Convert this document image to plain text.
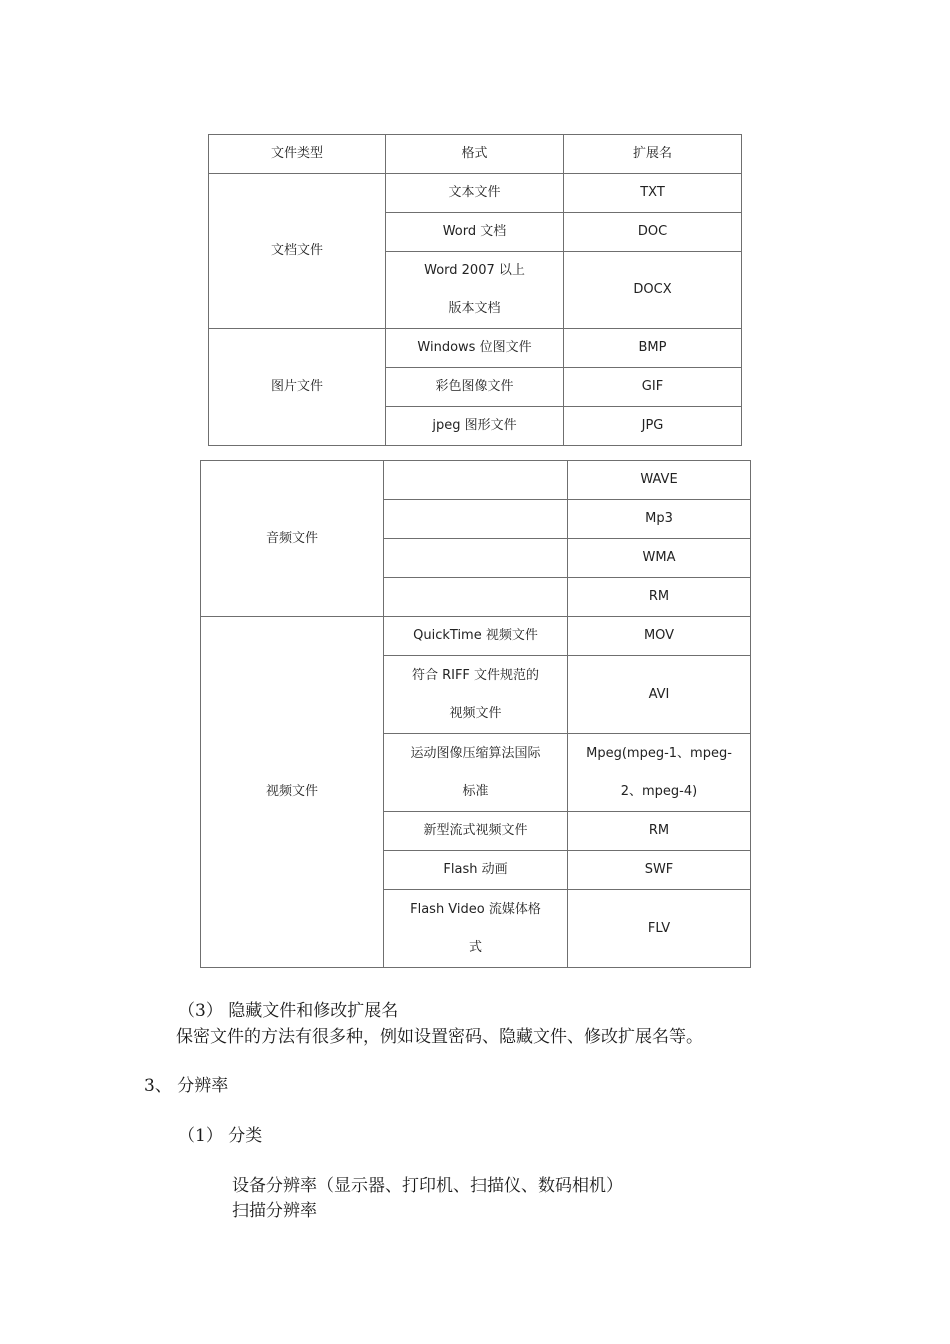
文件类型	格式	扩展名
文档文件	文本文件	TXT
	Word 文档	DOC
	Word 2007 以上版本文档	DOCX
图片文件	Windows 位图文件	BMP
	彩色图像文件	GIF
	jpeg 图形文件	JPG
音频文件		WAVE
		Mp3
		WMA
		RM
视频文件	QuickTime 视频文件	MOV
	符合 RIFF 文件规范的视频文件	AVI
	运动图像压缩算法国际标准	Mpeg(mpeg-1、mpeg-2、mpeg-4)
	新型流式视频文件	RM
	Flash 动画	SWF
	Flash Video 流媒体格式	FLV

（3） 隐藏文件和修改扩展名

保密文件的方法有很多种，例如设置密码、隐藏文件、修改扩展名等。

3、 分辨率

（1） 分类

设备分辨率（显示器、打印机、扫描仪、数码相机）

扫描分辨率
